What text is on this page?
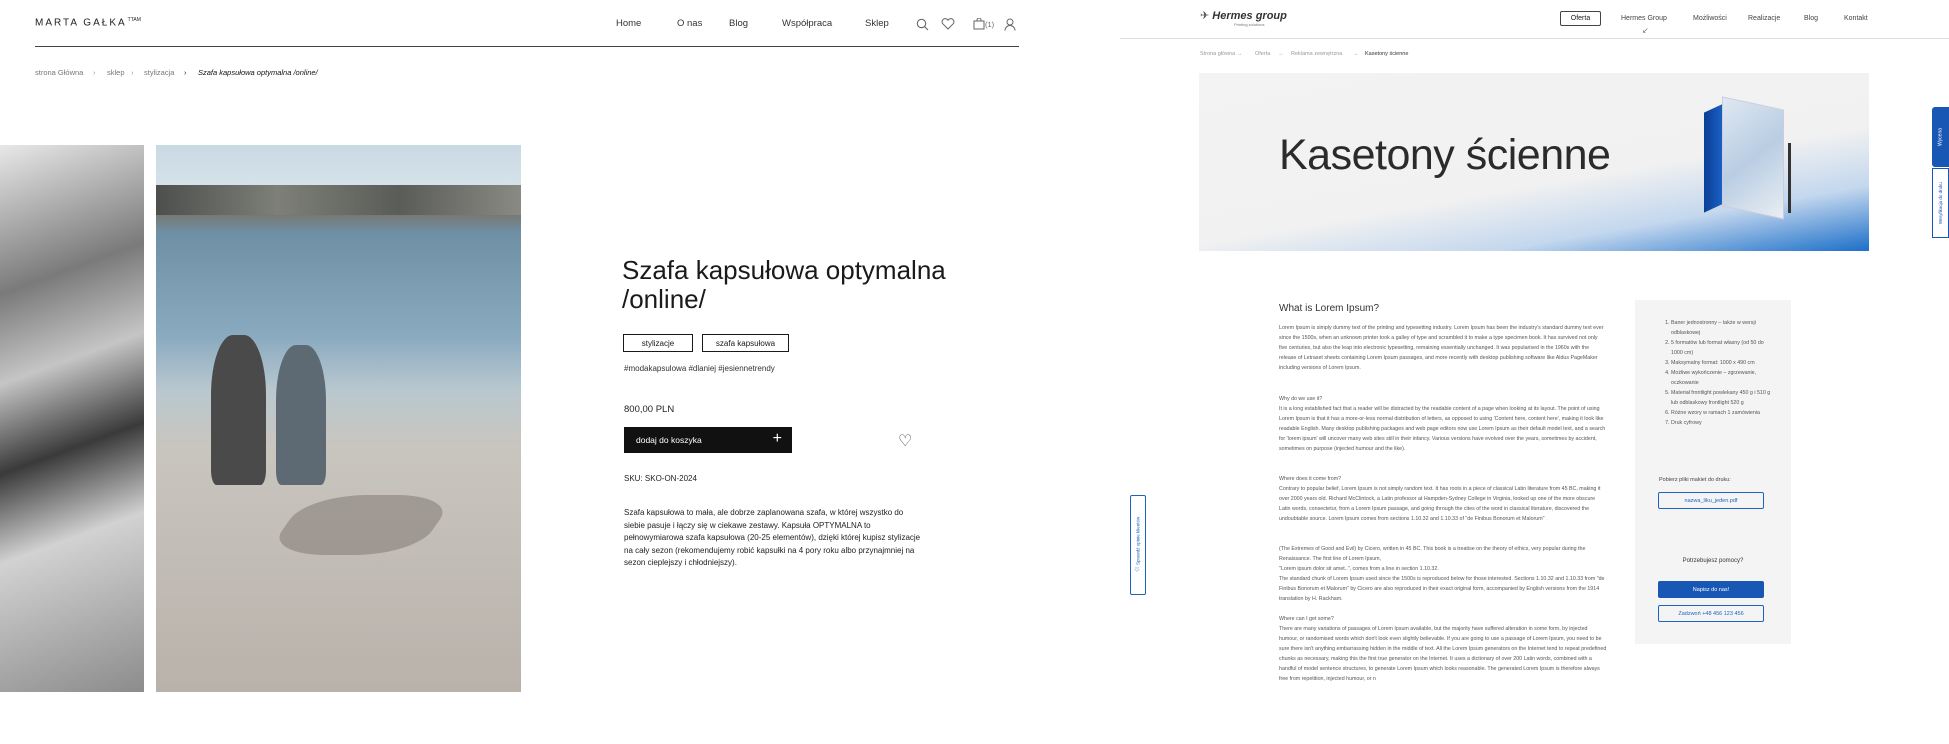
MARTA $GAŁKA^{TTAM}$	Home	O nas	Blog	Współpraca	Sklep	(1)
strona Główna › sklep › stylizacja › Szafa kapsułowa optymalna /online/
Szafa kapsułowa optymalna /online/
stylizacje	szafa kapsułowa
#modakapsulowa #dlaniej #jesiennetrendy
800,00 PLN
dodaj do koszyka	+	♡
SKU: SKO-ON-2024

Szafa kapsułowa to mała, ale dobrze zaplanowana szafa, w której wszystko do siebie pasuje i łączy się w ciekawe zestawy. Kapsuła OPTYMALNA to pełnowymiarowa szafa kapsułowa (20-25 elementów), dzięki której kupisz stylizacje na cały sezon (rekomendujemy robić kapsułki na 4 pory roku albo przynajmniej na sezon cieplejszy i chłodniejszy).

✈ Hermes group
Printing solutions
Oferta	Hermes Group	Możliwości	Realizacje	Blog	Kontakt
↙
Strona główna → Oferta → Reklama zewnętrzna → Kasetony ścienne
Kasetony ścienne
What is Lorem Ipsum?

Lorem Ipsum is simply dummy text of the printing and typesetting industry. Lorem Ipsum has been the industry's standard dummy text ever since the 1500s, when an unknown printer took a galley of type and scrambled it to make a type specimen book. It has survived not only five centuries, but also the leap into electronic typesetting, remaining essentially unchanged. It was popularised in the 1960s with the release of Letraset sheets containing Lorem Ipsum passages, and more recently with desktop publishing software like Aldus PageMaker including versions of Lorem Ipsum.

Why do we use it?
It is a long established fact that a reader will be distracted by the readable content of a page when looking at its layout. The point of using Lorem Ipsum is that it has a more-or-less normal distribution of letters, as opposed to using 'Content here, content here', making it look like readable English. Many desktop publishing packages and web page editors now use Lorem Ipsum as their default model text, and a search for 'lorem ipsum' will uncover many web sites still in their infancy. Various versions have evolved over the years, sometimes by accident, sometimes on purpose (injected humour and the like).

Where does it come from?
Contrary to popular belief, Lorem Ipsum is not simply random text. It has roots in a piece of classical Latin literature from 45 BC, making it over 2000 years old. Richard McClintock, a Latin professor at Hampden-Sydney College in Virginia, looked up one of the more obscure Latin words, consectetur, from a Lorem Ipsum passage, and going through the cites of the word in classical literature, discovered the undoubtable source. Lorem Ipsum comes from sections 1.10.32 and 1.10.33 of "de Finibus Bonorum et Malorum"

(The Extremes of Good and Evil) by Cicero, written in 45 BC. This book is a treatise on the theory of ethics, very popular during the Renaissance. The first line of Lorem Ipsum,
"Lorem ipsum dolor sit amet..", comes from a line in section 1.10.32.
The standard chunk of Lorem Ipsum used since the 1500s is reproduced below for those interested. Sections 1.10.32 and 1.10.33 from "de Finibus Bonorum et Malorum" by Cicero are also reproduced in their exact original form, accompanied by English versions from the 1914 translation by H. Rackham.

Where can I get some?
There are many variations of passages of Lorem Ipsum available, but the majority have suffered alteration in some form, by injected humour, or randomised words which don't look even slightly believable. If you are going to use a passage of Lorem Ipsum, you need to be sure there isn't anything embarrassing hidden in the middle of text. All the Lorem Ipsum generators on the Internet tend to repeat predefined chunks as necessary, making this the first true generator on the Internet. It uses a dictionary of over 200 Latin words, combined with a handful of model sentence structures, to generate Lorem Ipsum which looks reasonable. The generated Lorem Ipsum is therefore always free from repetition, injected humour, or n

1. Baner jednostronny – także w wersji odblaskowej
2. 5 formatów lub format własny (od 50 do 1000 cm)
3. Maksymalny format: 1000 x 490 cm
4. Możliwe wykończenie – zgrzewanie, oczkowanie
5. Materiał frontlight powlekany 450 g i 510 g lub odblaskowy frontlight 520 g
6. Różne wzory w ramach 1 zamówienia
7. Druk cyfrowy
Pobierz pliki makiet do druku:
nazwa_liku_jeden.pdf
Potrzebujesz pomocy?
Napisz do nas!
Zadzwoń +48 456 123 456
Wycena
Weryfikacja do druku
☆
Sprawdź opinie klientów
